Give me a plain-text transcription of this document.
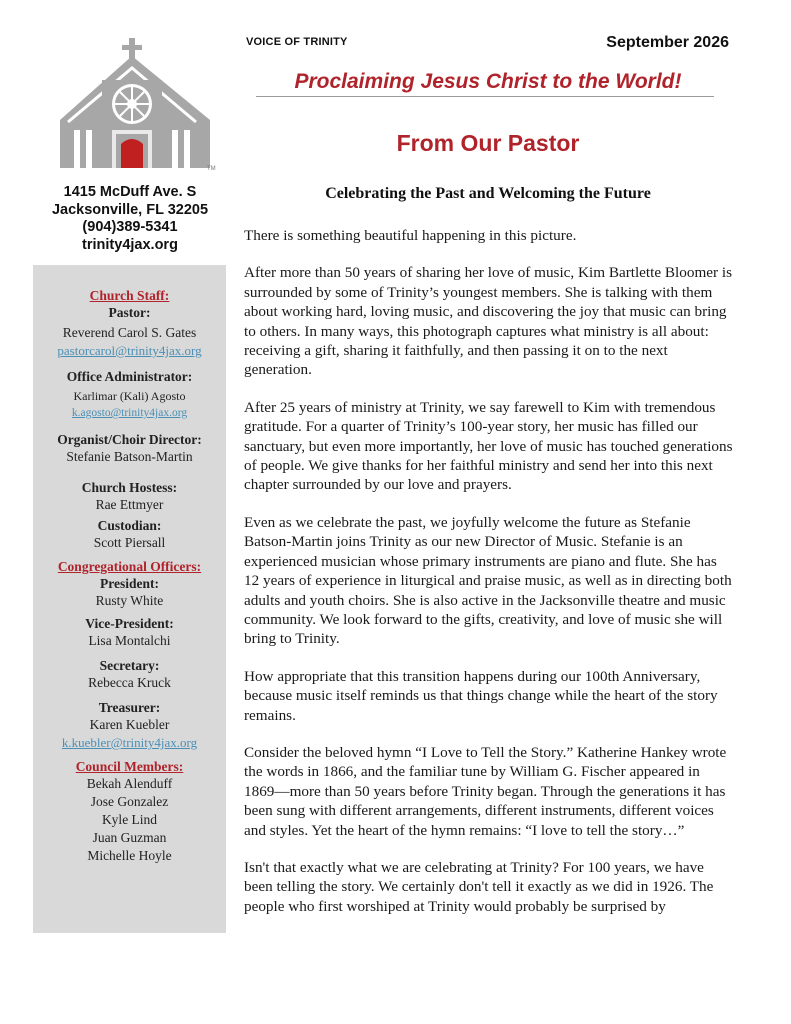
TM
1415 McDuff Ave. S
Jacksonville, FL 32205
(904)389-5341
trinity4jax.org
Church Staff:
Pastor:
Reverend Carol S. Gates
pastorcarol@trinity4jax.org
Office Administrator:
Karlimar (Kali) Agosto
k.agosto@trinity4jax.org
Organist/Choir Director:
Stefanie Batson-Martin
Church Hostess:
Rae Ettmyer
Custodian:
Scott Piersall
Congregational Officers:
President:
Rusty White
Vice-President:
Lisa Montalchi
Secretary:
Rebecca Kruck
Treasurer:
Karen Kuebler
k.kuebler@trinity4jax.org
Council Members:
Bekah Alenduff
Jose Gonzalez
Kyle Lind
Juan Guzman
Michelle Hoyle
VOICE OF TRINITY	September 2026
Proclaiming Jesus Christ to the World!
From Our Pastor
Celebrating the Past and Welcoming the Future

There is something beautiful happening in this picture.

After more than 50 years of sharing her love of music, Kim Bartlette Bloomer is surrounded by some of Trinity’s youngest members. She is talking with them about working hard, loving music, and discovering the joy that music can bring to others. In many ways, this photograph captures what ministry is all about: receiving a gift, sharing it faithfully, and then passing it on to the next generation.

After 25 years of ministry at Trinity, we say farewell to Kim with tremendous gratitude. For a quarter of Trinity’s 100-year story, her music has filled our sanctuary, but even more importantly, her love of music has touched generations of people. We give thanks for her faithful ministry and send her into this next chapter surrounded by our love and prayers.

Even as we celebrate the past, we joyfully welcome the future as Stefanie Batson-Martin joins Trinity as our new Director of Music. Stefanie is an experienced musician whose primary instruments are piano and flute. She has 12 years of experience in liturgical and praise music, as well as in directing both adults and youth choirs. She is also active in the Jacksonville theatre and music community. We look forward to the gifts, creativity, and love of music she will bring to Trinity.

How appropriate that this transition happens during our 100th Anniversary, because music itself reminds us that things change while the heart of the story remains.

Consider the beloved hymn “I Love to Tell the Story.” Katherine Hankey wrote the words in 1866, and the familiar tune by William G. Fischer appeared in 1869—more than 50 years before Trinity began. Through the generations it has been sung with different arrangements, different instruments, different voices and styles. Yet the heart of the hymn remains: “I love to tell the story…”

Isn't that exactly what we are celebrating at Trinity? For 100 years, we have been telling the story. We certainly don't tell it exactly as we did in 1926. The people who first worshiped at Trinity would probably be surprised by
